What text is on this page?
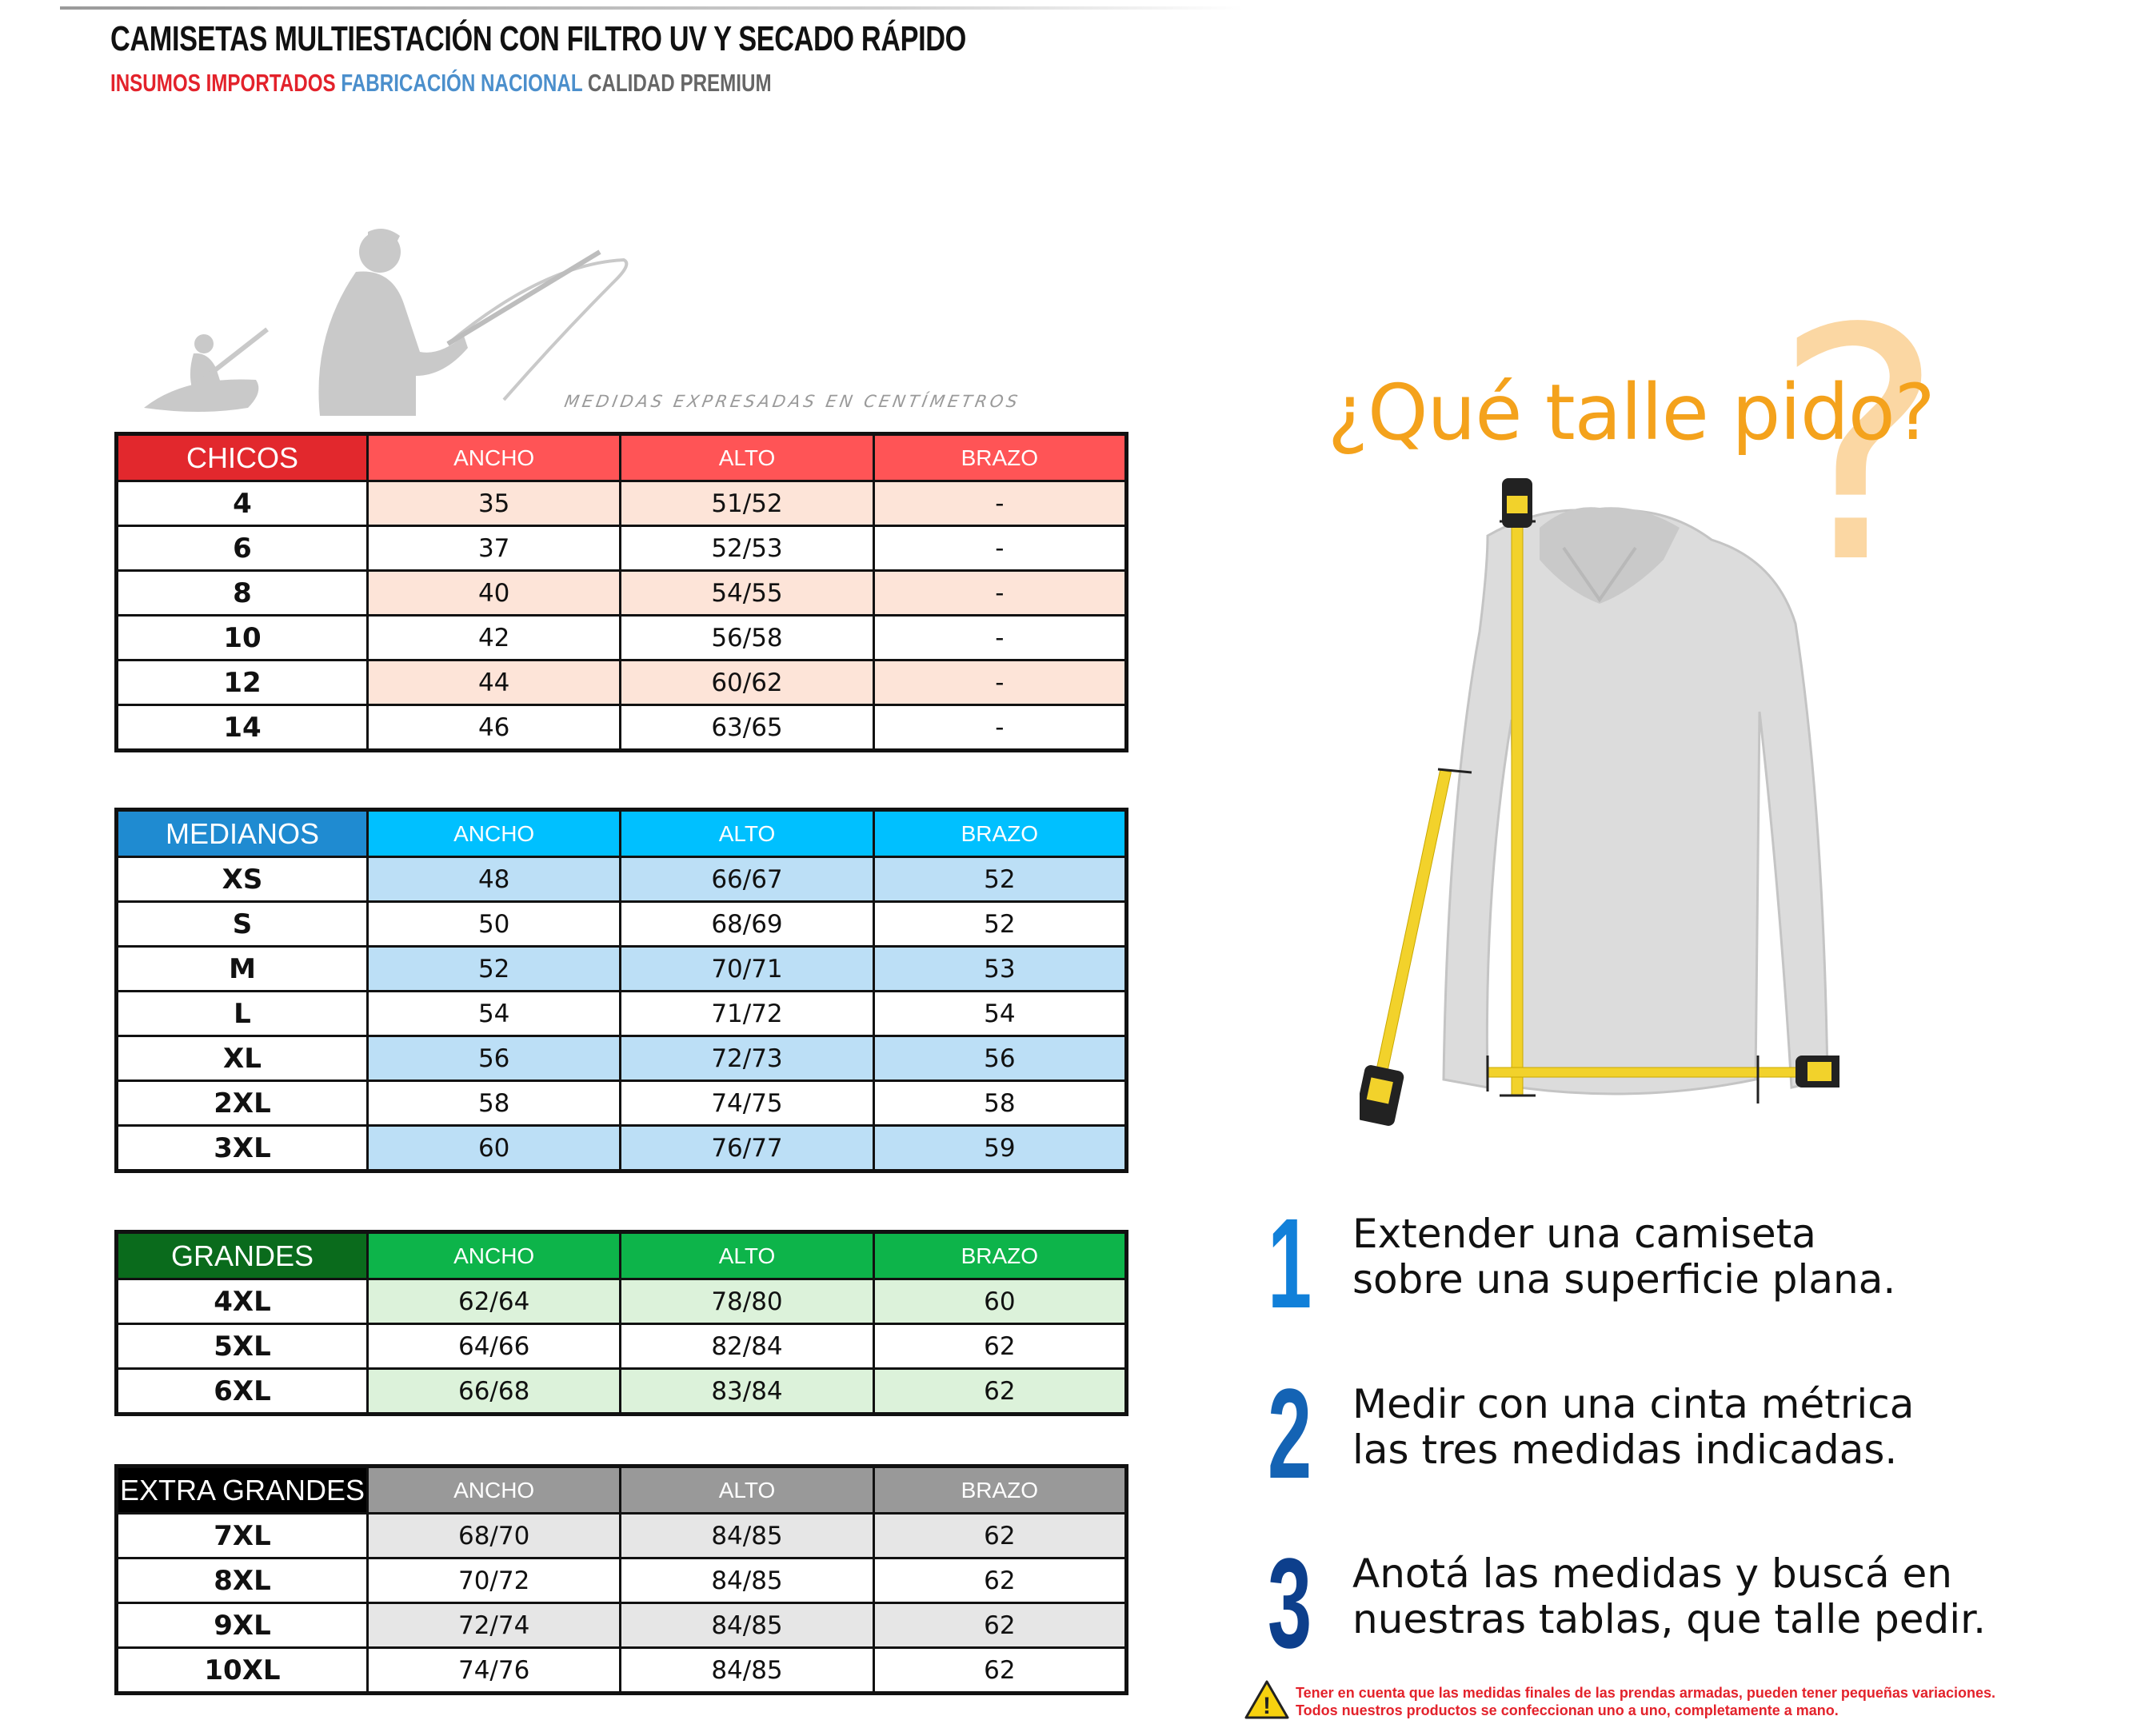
CAMISETAS MULTIESTACIÓN CON FILTRO UV Y SECADO RÁPIDO
INSUMOS IMPORTADOS FABRICACIÓN NACIONAL CALIDAD PREMIUM
MEDIDAS EXPRESADAS EN CENTÍMETROS
CHICOS	ANCHO	ALTO	BRAZO
4	35	51/52	-
6	37	52/53	-
8	40	54/55	-
10	42	56/58	-
12	44	60/62	-
14	46	63/65	-
MEDIANOS	ANCHO	ALTO	BRAZO
XS	48	66/67	52
S	50	68/69	52
M	52	70/71	53
L	54	71/72	54
XL	56	72/73	56
2XL	58	74/75	58
3XL	60	76/77	59
GRANDES	ANCHO	ALTO	BRAZO
4XL	62/64	78/80	60
5XL	64/66	82/84	62
6XL	66/68	83/84	62
EXTRA GRANDES	ANCHO	ALTO	BRAZO
7XL	68/70	84/85	62
8XL	70/72	84/85	62
9XL	72/74	84/85	62
10XL	74/76	84/85	62
?
¿Qué talle pido?
1 Extender una camiseta
sobre una superficie plana.
2 Medir con una cinta métrica
las tres medidas indicadas.
3 Anotá las medidas y buscá en
nuestras tablas, que talle pedir.
! Tener en cuenta que las medidas finales de las prendas armadas, pueden tener pequeñas variaciones.
Todos nuestros productos se confeccionan uno a uno, completamente a mano.
